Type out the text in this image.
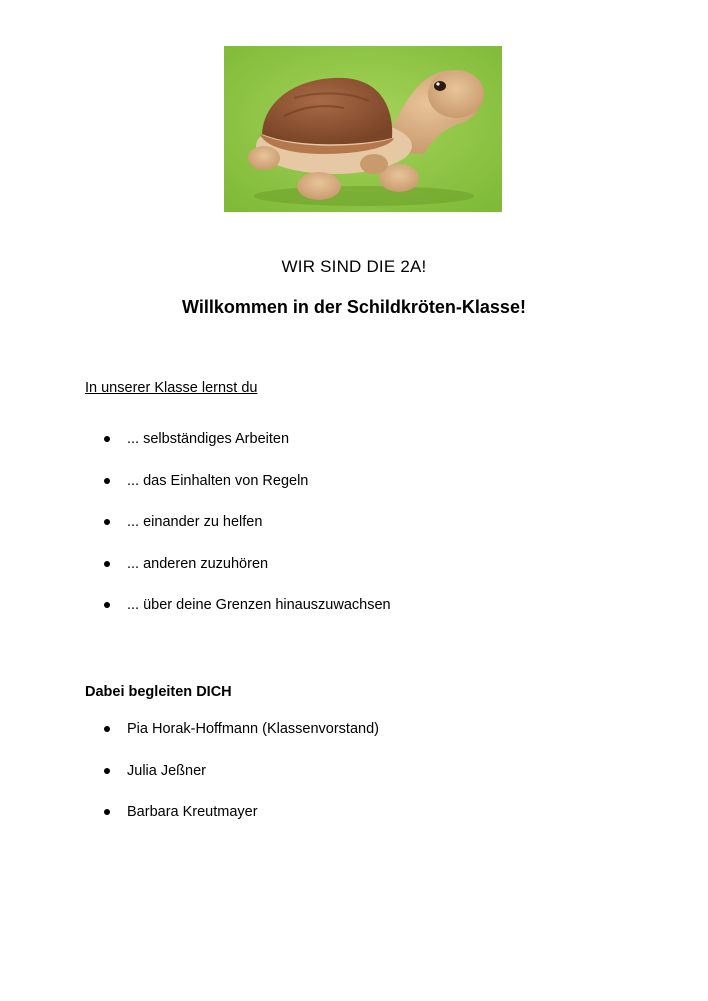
WIR SIND DIE 2A!
Willkommen in der Schildkröten-Klasse!
In unserer Klasse lernst du
... selbständiges Arbeiten
... das Einhalten von Regeln
... einander zu helfen
... anderen zuzuhören
... über deine Grenzen hinauszuwachsen
Dabei begleiten DICH
Pia Horak-Hoffmann (Klassenvorstand)
Julia Jeßner
Barbara Kreutmayer
